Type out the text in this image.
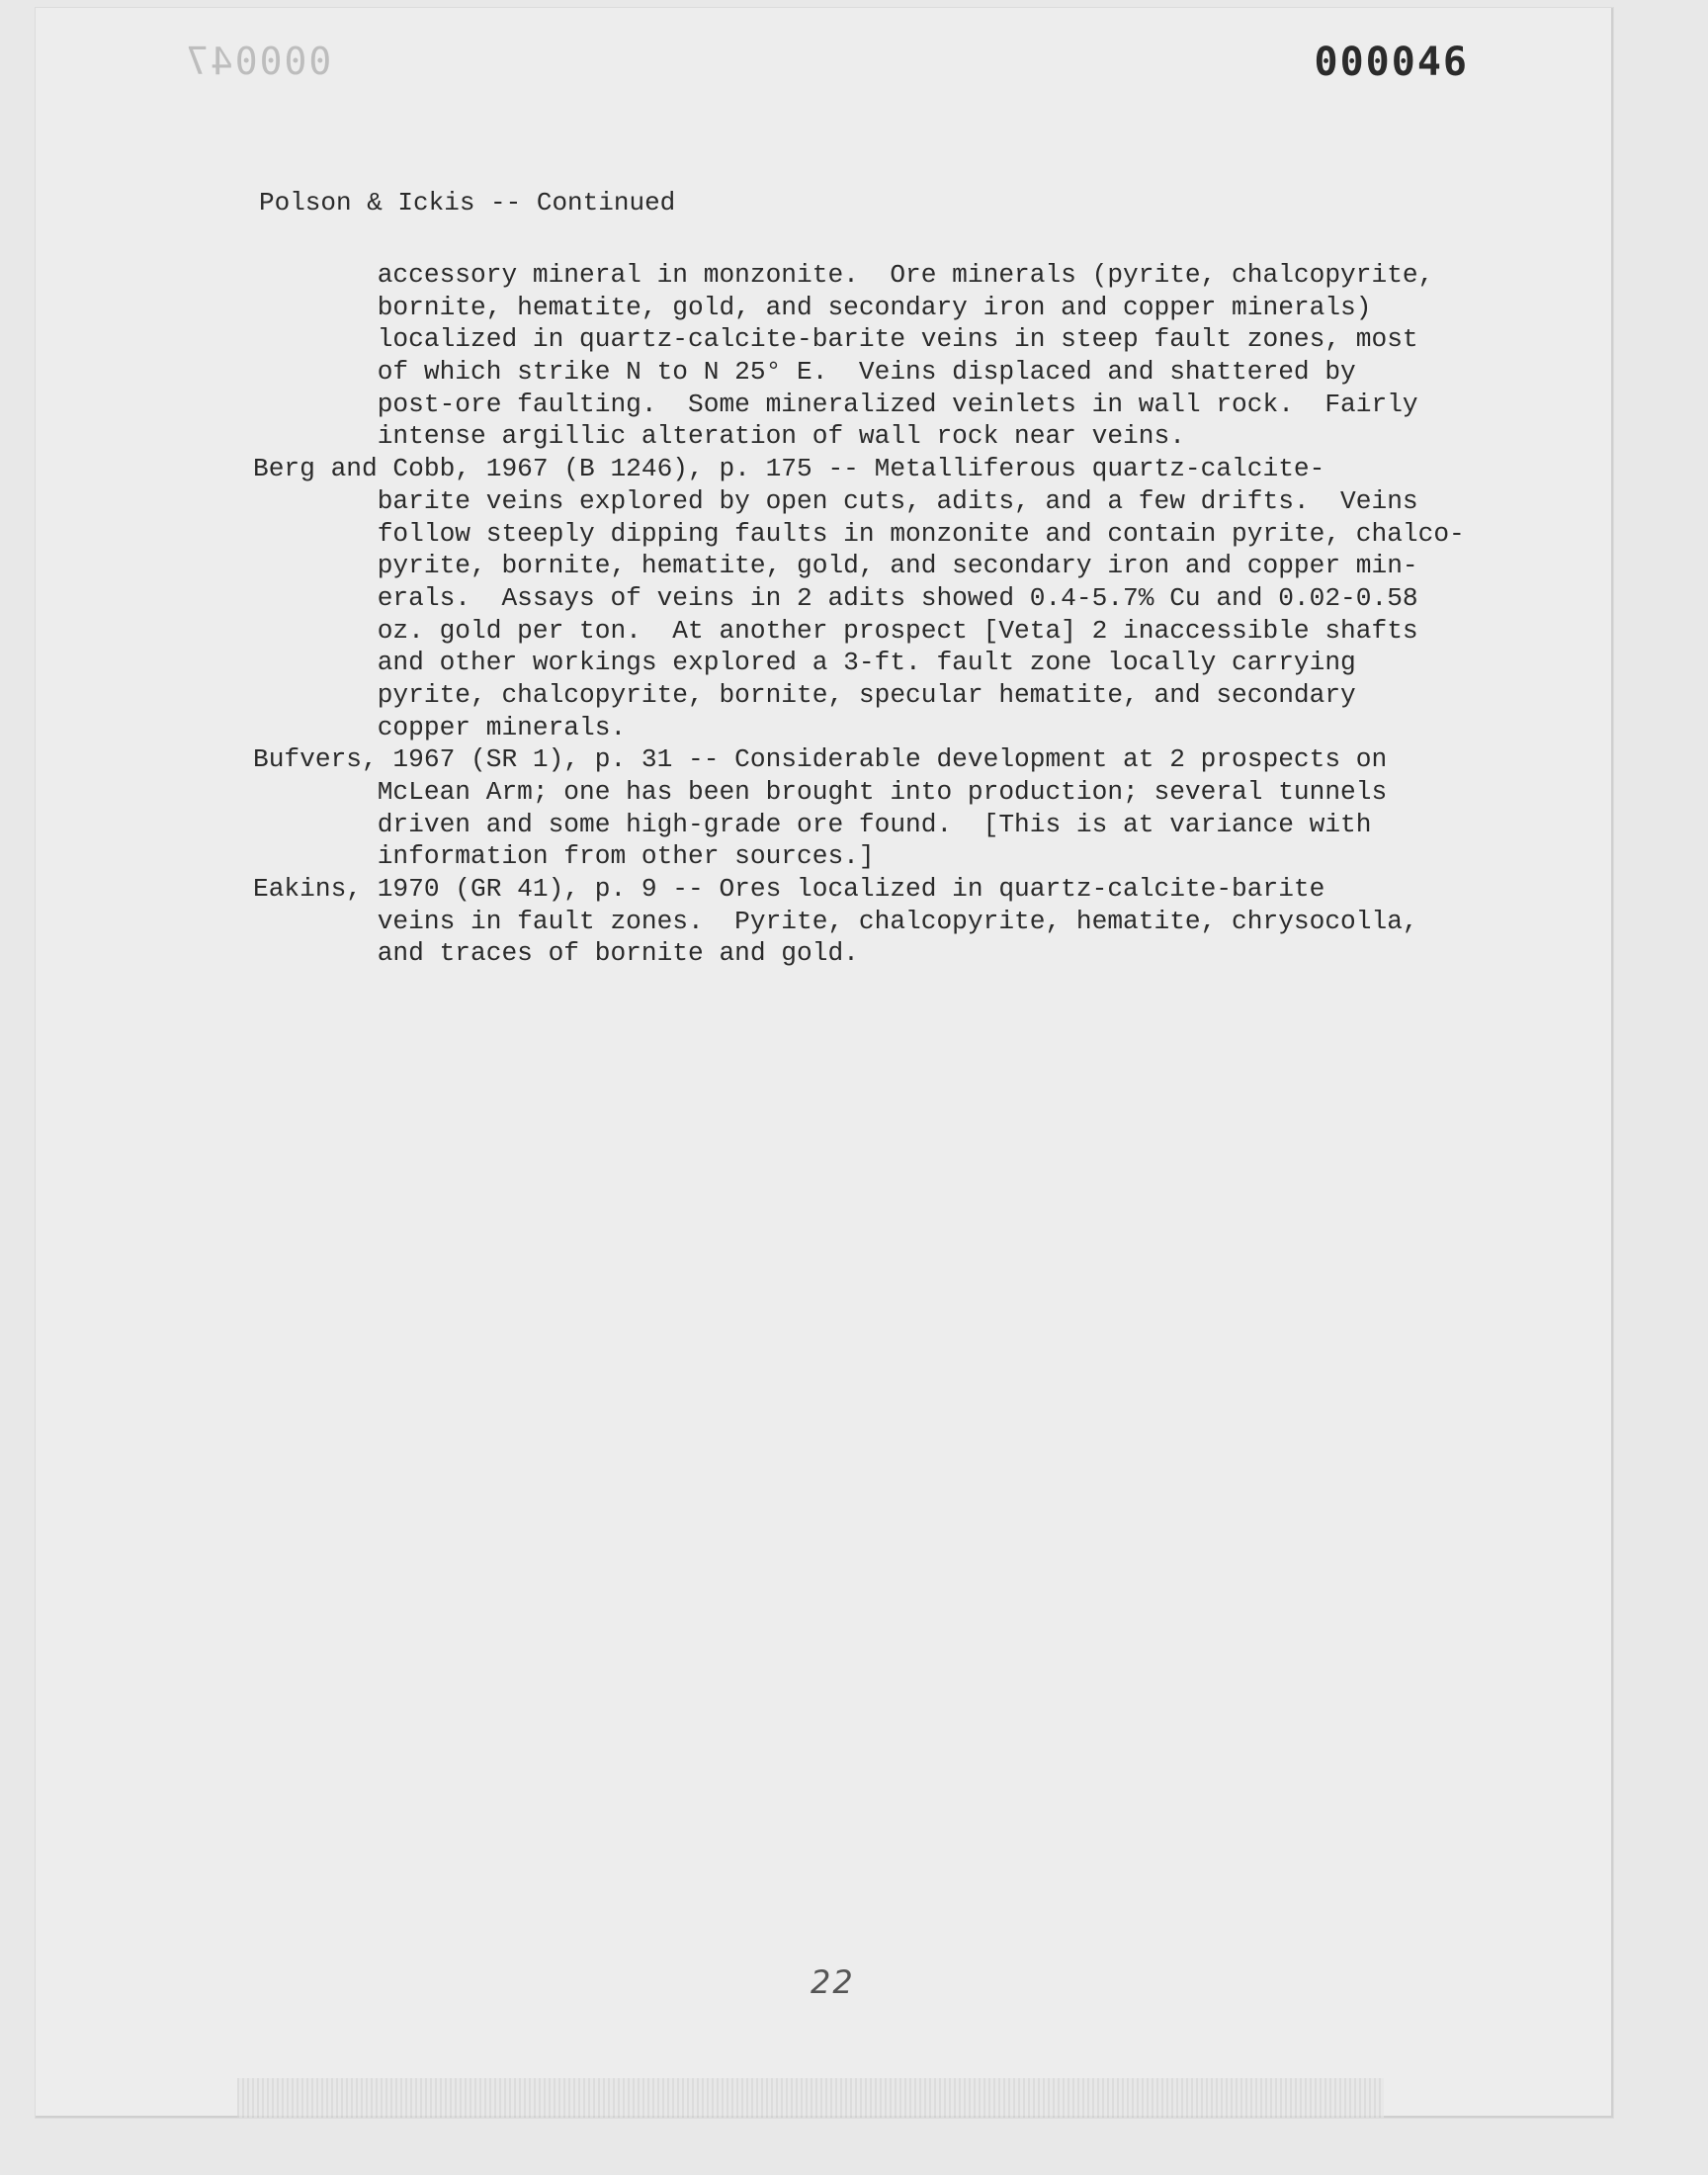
000047	000046
Polson & Ickis -- Continued
accessory mineral in monzonite.  Ore minerals (pyrite, chalcopyrite,
bornite, hematite, gold, and secondary iron and copper minerals)
localized in quartz-calcite-barite veins in steep fault zones, most
of which strike N to N 25° E.  Veins displaced and shattered by
post-ore faulting.  Some mineralized veinlets in wall rock.  Fairly
intense argillic alteration of wall rock near veins.
Berg and Cobb, 1967 (B 1246), p. 175 -- Metalliferous quartz-calcite-
barite veins explored by open cuts, adits, and a few drifts.  Veins
follow steeply dipping faults in monzonite and contain pyrite, chalco-
pyrite, bornite, hematite, gold, and secondary iron and copper min-
erals.  Assays of veins in 2 adits showed 0.4-5.7% Cu and 0.02-0.58
oz. gold per ton.  At another prospect [Veta] 2 inaccessible shafts
and other workings explored a 3-ft. fault zone locally carrying
pyrite, chalcopyrite, bornite, specular hematite, and secondary
copper minerals.
Bufvers, 1967 (SR 1), p. 31 -- Considerable development at 2 prospects on
McLean Arm; one has been brought into production; several tunnels
driven and some high-grade ore found.  [This is at variance with
information from other sources.]
Eakins, 1970 (GR 41), p. 9 -- Ores localized in quartz-calcite-barite
veins in fault zones.  Pyrite, chalcopyrite, hematite, chrysocolla,
and traces of bornite and gold.
22
